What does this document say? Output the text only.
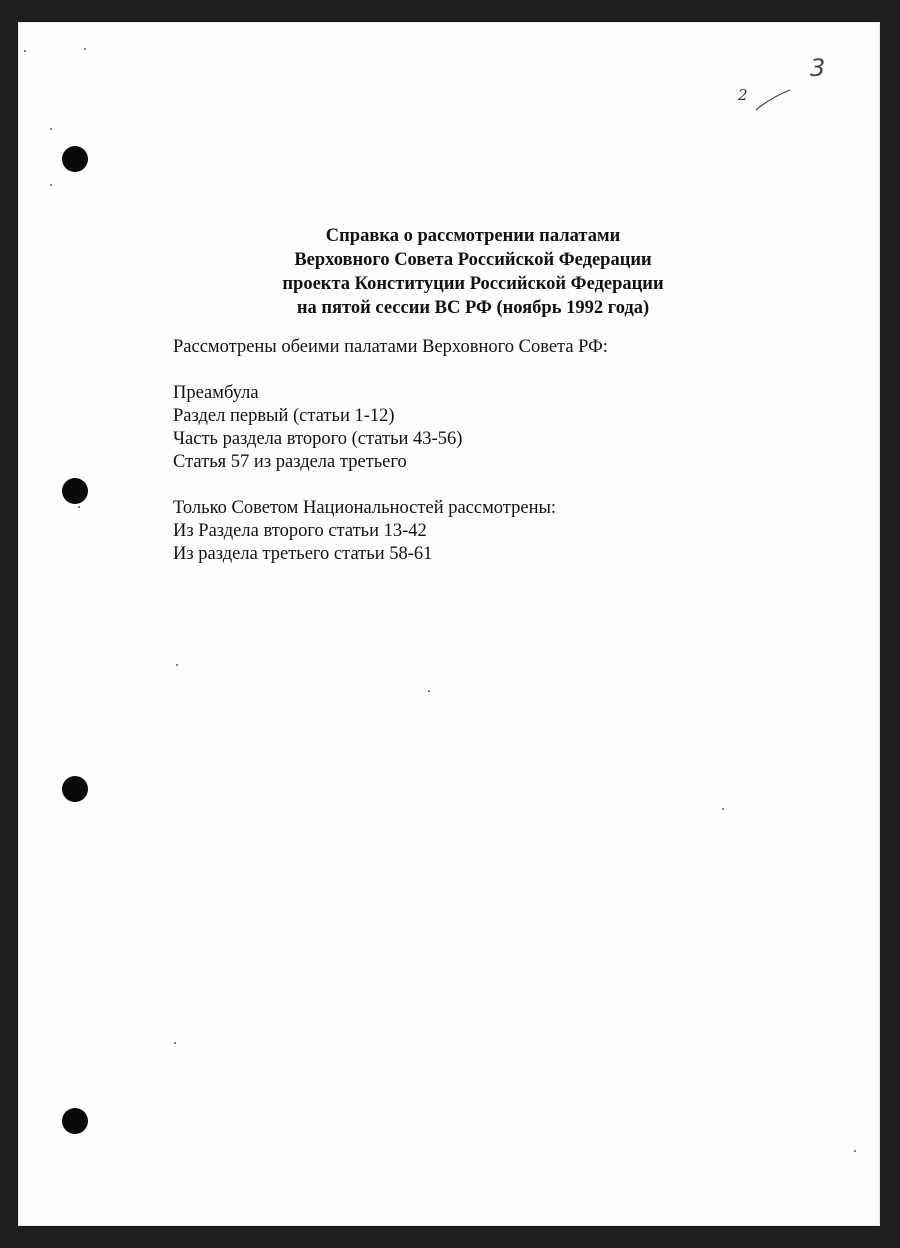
3
2
Справка о рассмотрении палатами
Верховного Совета Российской Федерации
проекта Конституции Российской Федерации
на пятой сессии ВС РФ (ноябрь 1992 года)
Рассмотрены обеими палатами Верховного Совета РФ:
Преамбула
Раздел первый (статьи 1-12)
Часть раздела второго (статьи 43-56)
Статья 57 из раздела третьего
Только Советом Национальностей рассмотрены:
Из Раздела второго статьи 13-42
Из раздела третьего статьи 58-61
